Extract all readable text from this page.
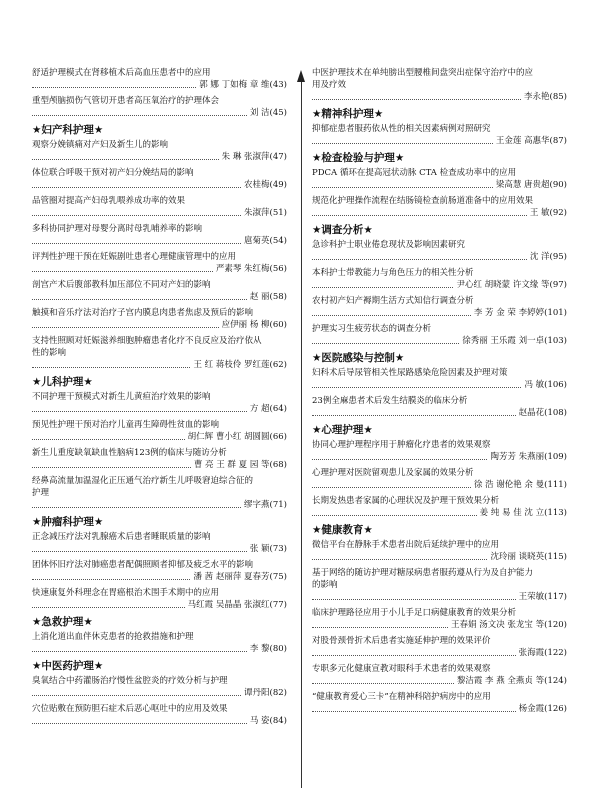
舒适护理模式在肾移植术后高血压患者中的应用
郭 娜 丁如梅 章 维(43)
重型颅脑损伤气管切开患者高压氧治疗的护理体会
刘 洁(45)
★妇产科护理★
观察分娩镇痛对产妇及新生儿的影响
朱 琳 张淑萍(47)
体位联合呼吸干预对初产妇分娩结局的影响
农桂梅(49)
品管圈对提高产妇母乳喂养成功率的效果
朱淑萍(51)
多科协同护理对母婴分离时母乳哺养率的影响
扈菊英(54)
评判性护理干预在妊娠剧吐患者心理健康管理中的应用
严素琴 朱红梅(56)
剖宫产术后腹部教科加压部位不同对产妇的影响
赵 丽(58)
触摸和音乐疗法对治疗子宫内膜息肉患者焦虑及预后的影响
应伊丽 杨 柳(60)
支持性照顾对妊娠滋养细胞肿瘤患者化疗不良反应及治疗依从
性的影响
王 红 蒋枝伶 罗红莲(62)
★儿科护理★
不同护理干预模式对新生儿黄疸治疗效果的影响
方 超(64)
预见性护理干预对治疗儿童再生障碍性贫血的影响
胡仁辉 曹小红 胡圆圆(66)
新生儿重度缺氧缺血性脑病123例的临床与随访分析
曹 亮 王 群 夏 园 等(68)
经鼻高流量加温湿化正压通气治疗新生儿呼吸窘迫综合征的
护理
缪字燕(71)
★肿瘤科护理★
正念减压疗法对乳腺癌术后患者睡眠质量的影响
张 颖(73)
团体怀旧疗法对肺癌患者配偶照顾者抑郁及疲乏水平的影响
潘 茜 赵丽萍 夏春芳(75)
快速康复外科理念在胃癌根治术围手术期中的应用
马红霞 吴晶晶 张淑红(77)
★急救护理★
上消化道出血伴休克患者的抢救措施和护理
李 黎(80)
★中医药护理★
臭氧结合中药灌肠治疗慢性盆腔炎的疗效分析与护理
谭丹阳(82)
穴位贴敷在预防胆石症术后恶心呕吐中的应用及效果
马 姿(84)
中医护理技术在单纯膀出型腰椎间盘突出症保守治疗中的应
用及疗效
李永艳(85)
★精神科护理★
抑郁症患者服药依从性的相关因素病例对照研究
王金莲 高惠华(87)
★检查检验与护理★
PDCA 循环在提高冠状动脉 CTA 检查成功率中的应用
梁高慧 唐贵超(90)
规范化护理操作流程在结肠镜检查前肠道准备中的应用效果
王 敏(92)
★调查分析★
急诊科护士职业倦怠现状及影响因素研究
沈 洋(95)
本科护士带教能力与角色压力的相关性分析
尹心红 胡晓蒙 许文缘 等(97)
农村初产妇产褥期生活方式知信行调查分析
李 芳 金 荣 李婷婷(101)
护理实习生疲劳状态的调查分析
徐秀丽 王乐霞 刘一卓(103)
★医院感染与控制★
妇科术后导尿管相关性尿路感染危险因素及护理对策
冯 敏(106)
23例全麻患者术后发生结膜炎的临床分析
赵晶花(108)
★心理护理★
协同心理护理程序用于肿瘤化疗患者的效果观察
陶芳芳 朱燕丽(109)
心理护理对医院留观患儿及家属的效果分析
徐 浩 谢伦艳 余 曼(111)
长期发热患者家属的心理状况及护理干预效果分析
姜 纯 易 佳 沈 立(113)
★健康教育★
微信平台在静脉手术患者出院后延续护理中的应用
沈玲丽 谈晓英(115)
基于网络的随访护理对糖尿病患者服药遵从行为及自护能力
的影响
王荣敏(117)
临床护理路径应用于小儿手足口病健康教育的效果分析
王春娟 汤文决 张龙宝 等(120)
对股骨颈骨折术后患者实施延伸护理的效果评价
张海霞(122)
专职多元化健康宣教对眼科手术患者的效果观察
黎洁霞 李 燕 全燕贞 等(124)
“健康教育爱心三卡”在精神科陪护病房中的应用
杨金霞(126)
